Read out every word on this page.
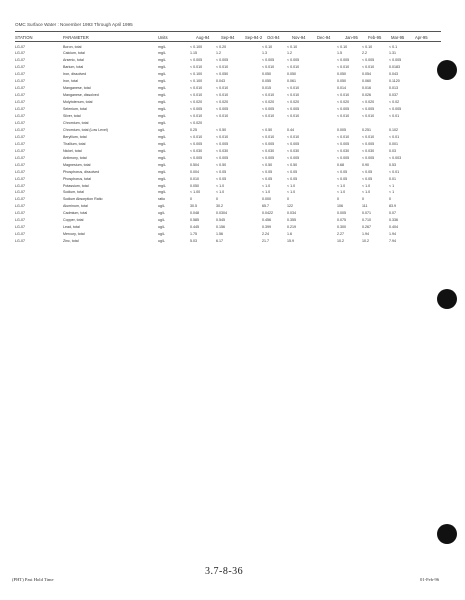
OMC Surface Water : November 1993 Through April 1995
STATION	PARAMETER	Units	Aug-94	Sep-94 Sep-94-2 Oct-94	Nov-94	Dec-94	Jan-95 Feb-95 Mar-95	Apr-95
LG-07	Boron, total	mg/L	< 0.100	< 0.20	< 0.10	< 0.10	< 0.10	< 0.10	< 0.1
LG-07	Calcium, total	mg/L	1.15	1.2	1.3	1.2	1.5	2.2	1.31
LG-07	Arsenic, total	mg/L	< 0.005	< 0.005	< 0.005	< 0.005	< 0.005	< 0.005	< 0.005
LG-07	Barium, total	mg/L	< 0.010	< 0.010	< 0.010	< 0.010	< 0.010	< 0.010	0.0183
LG-07	Iron, dissolved	mg/L	< 0.100	< 0.050	0.050	0.050	0.050	0.054	0.043
LG-07	Iron, total	mg/L	< 0.100	0.043	0.055	0.061	0.050	0.060	0.1120
LG-07	Manganese, total	mg/L	< 0.010	< 0.010	0.015	< 0.010	0.014	0.016	0.013
LG-07	Manganese, dissolved	mg/L	< 0.010	< 0.010	< 0.010	< 0.010	< 0.010	0.026	0.037
LG-07	Molybdenum, total	mg/L	< 0.020	< 0.020	< 0.020	< 0.020	< 0.020	< 0.020	< 0.02
LG-07	Selenium, total	mg/L	< 0.005	< 0.005	< 0.005	< 0.005	< 0.005	< 0.005	< 0.005
LG-07	Silver, total	mg/L	< 0.010	< 0.010	< 0.010	< 0.010	< 0.010	< 0.010	< 0.01
LG-07	Chromium, total	mg/L	< 0.020
LG-07	Chromium, total (Low Level)	ug/L	0.25	< 0.50	< 0.50	0.44	0.005	0.251	0.102
LG-07	Beryllium, total	mg/L	< 0.010	< 0.010	< 0.010	< 0.010	< 0.010	< 0.010	< 0.01
LG-07	Thallium, total	mg/L	< 0.005	< 0.005	< 0.005	< 0.005	< 0.005	< 0.005	0.001
LG-07	Nickel, total	mg/L	< 0.030	< 0.030	< 0.030	< 0.030	< 0.030	< 0.030	0.03
LG-07	Antimony, total	mg/L	< 0.005	< 0.005	< 0.005	< 0.005	< 0.005	< 0.005	< 0.003
LG-07	Magnesium, total	mg/L	0.504	< 0.50	< 0.50	< 0.50	0.68	0.90	0.53
LG-07	Phosphorus, dissolved	mg/L	0.004	< 0.05	< 0.05	< 0.05	< 0.05	< 0.05	< 0.01
LG-07	Phosphorus, total	mg/L	0.010	< 0.05	< 0.05	< 0.05	< 0.05	< 0.05	0.01
LG-07	Potassium, total	mg/L	0.050	< 1.0	< 1.0	< 1.0	< 1.0	< 1.0	< 1
LG-07	Sodium, total	mg/L	< 1.00	< 1.0	< 1.0	< 1.0	< 1.0	< 1.0	< 1
LG-07	Sodium Absorption Ratio	ratio	0	0	0.000	0	0	0	0
LG-07	Aluminum, total	ug/L	30.5	30.2	65.7	122	106	111	83.9
LG-07	Cadmium, total	ug/L	0.048	0.0304	0.0422	0.034	0.005	0.071	0.07
LG-07	Copper, total	ug/L	0.585	0.545	0.456	0.355	0.075	0.710	0.336
LG-07	Lead, total	ug/L	0.445	0.156	0.399	0.219	0.300	0.267	0.404
LG-07	Mercury, total	ug/L	1.75	1.56	2.24	1.6	2.27	1.94	1.94
LG-07	Zinc, total	ug/L	5.03	6.17	21.7	15.9	10.2	10.2	7.94
(PHT) Past Hold Time
3.7-8-36
01-Feb-96
